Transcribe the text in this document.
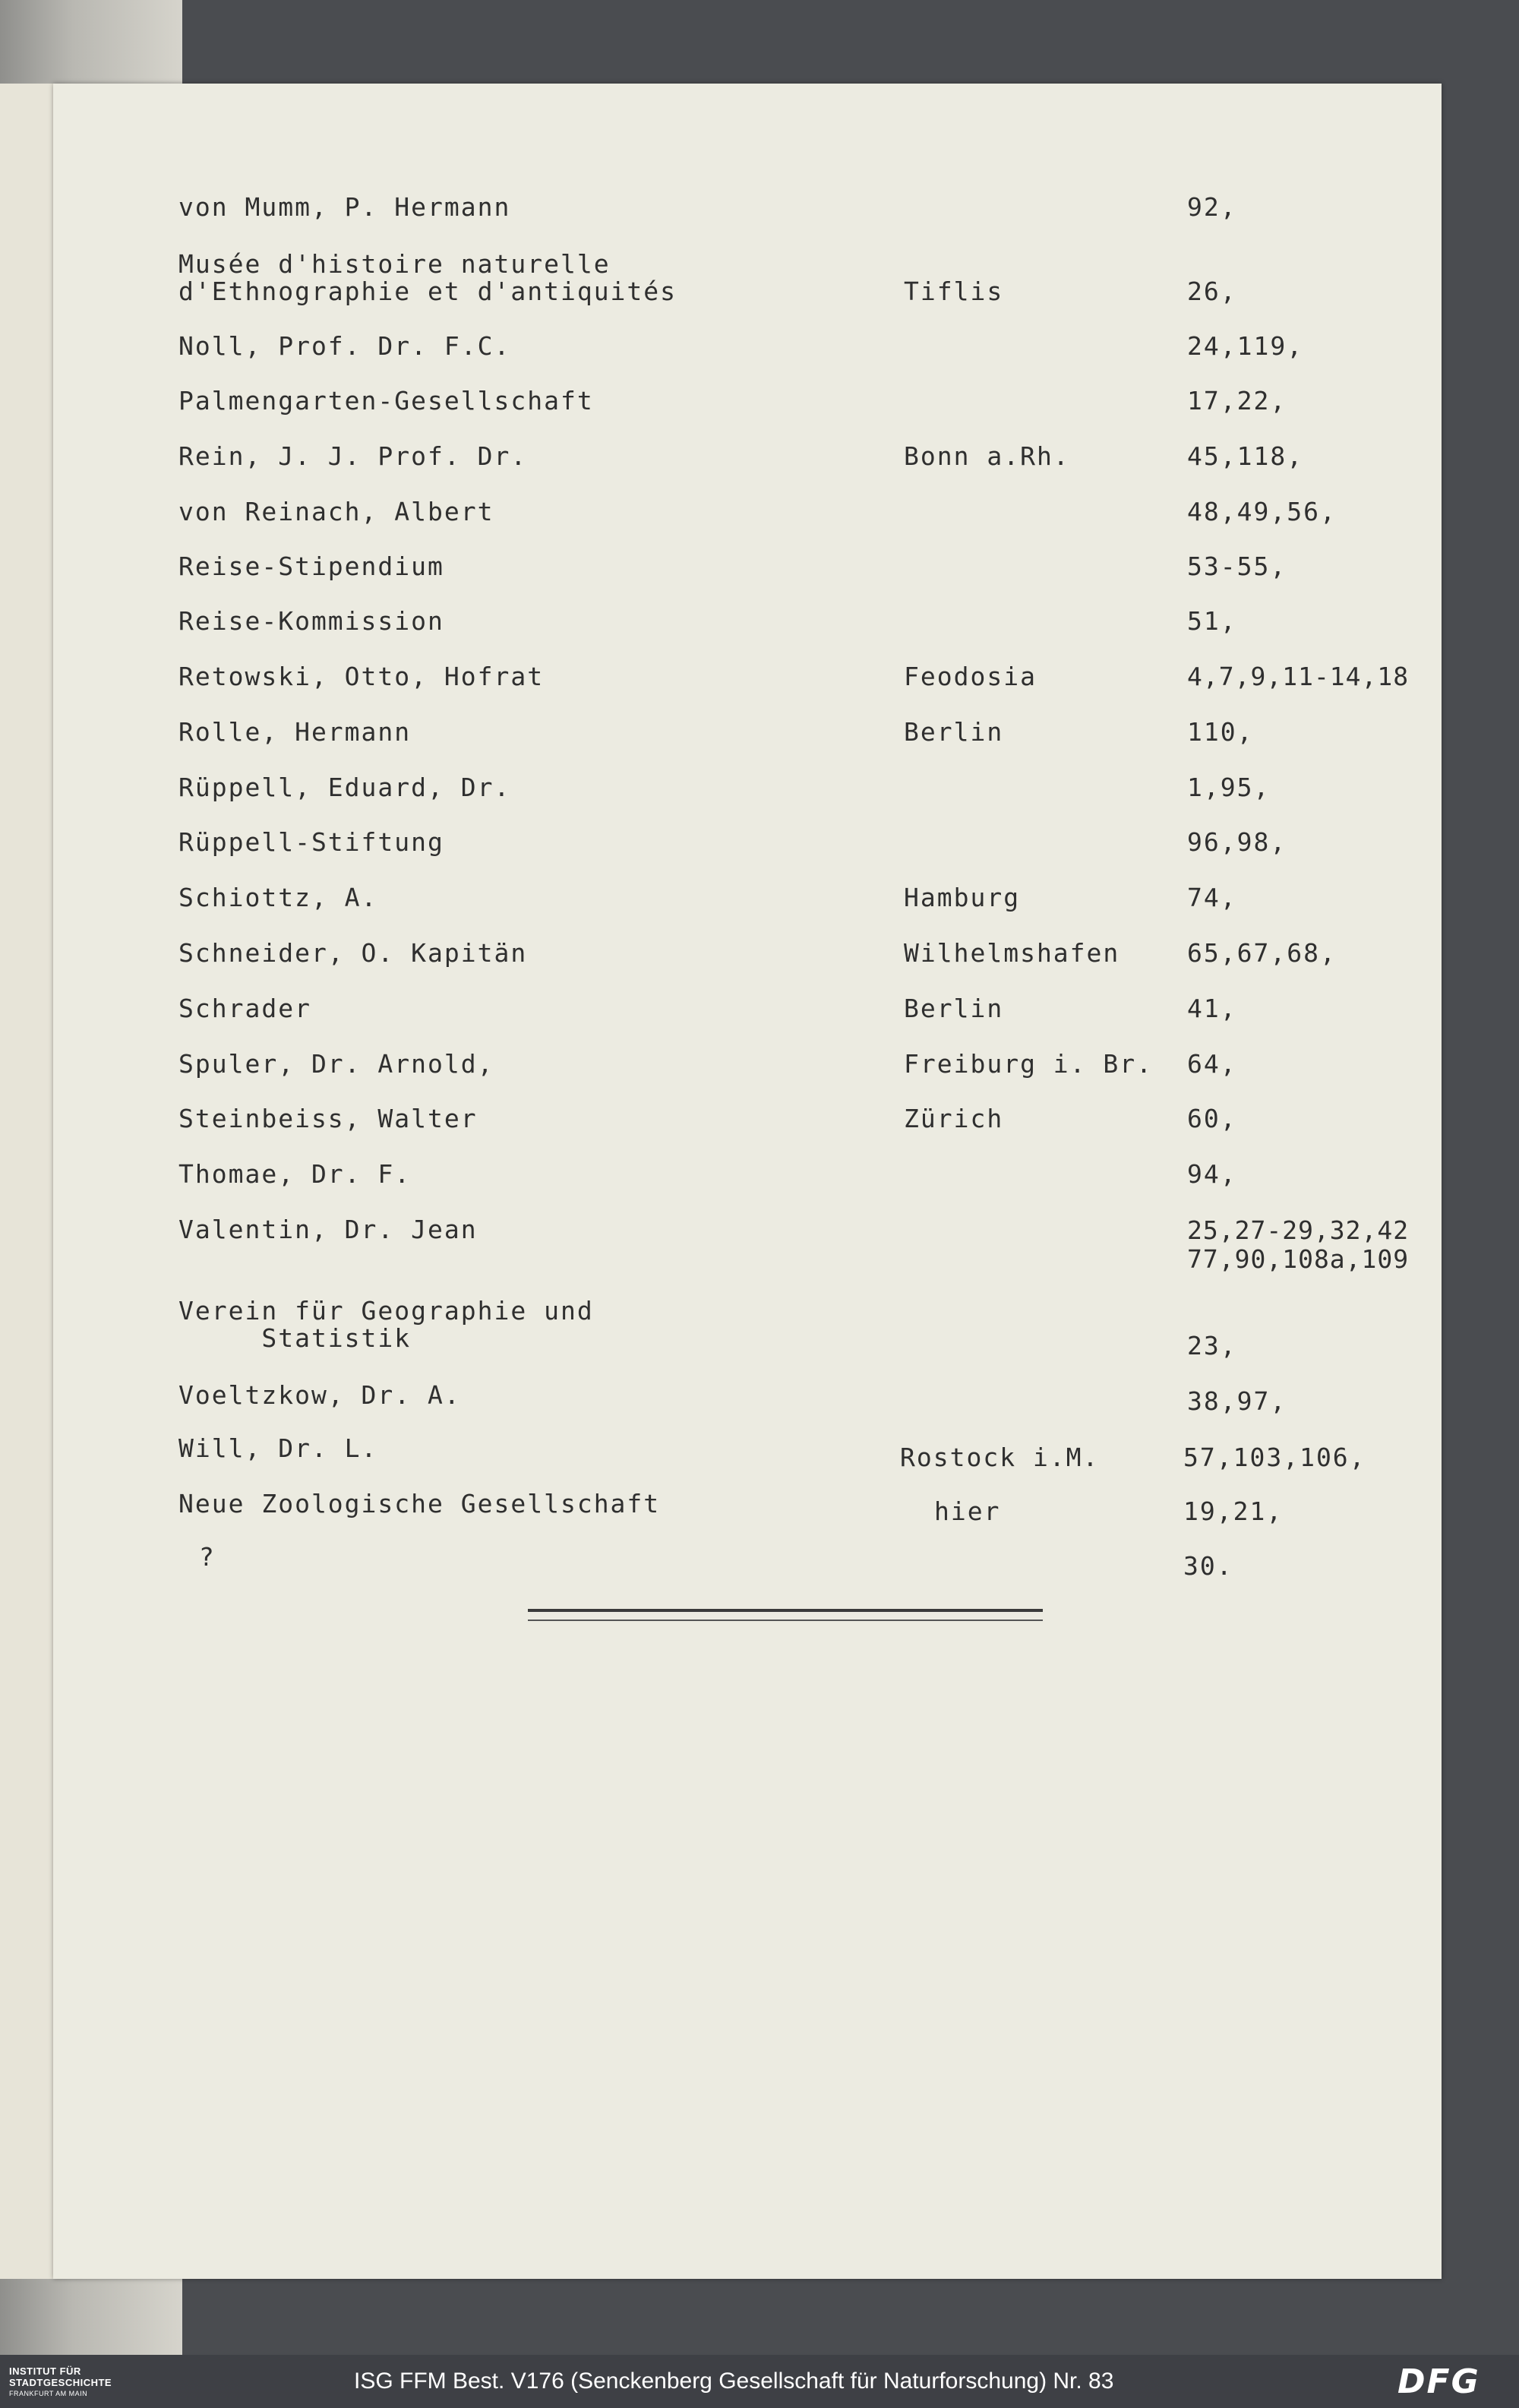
von Mumm, P. Hermann	92,
Musée d'histoire naturelle
d'Ethnographie et d'antiquités	Tiflis	26,
Noll, Prof. Dr. F.C.	24,119,
Palmengarten-Gesellschaft	17,22,
Rein, J. J. Prof. Dr.	Bonn a.Rh.	45,118,
von Reinach, Albert	48,49,56,
Reise-Stipendium	53-55,
Reise-Kommission	51,
Retowski, Otto, Hofrat	Feodosia	4,7,9,11-14,18
Rolle, Hermann	Berlin	110,
Rüppell, Eduard, Dr.	1,95,
Rüppell-Stiftung	96,98,
Schiottz, A.	Hamburg	74,
Schneider, O. Kapitän	Wilhelmshafen	65,67,68,
Schrader	Berlin	41,
Spuler, Dr. Arnold,	Freiburg i. Br. 64,
Steinbeiss, Walter	Zürich	60,
Thomae, Dr. F.	94,
Valentin, Dr. Jean	25,27-29,32,42
77,90,108a,109
Verein für Geographie und
Statistik	23,
Voeltzkow, Dr. A.	38,97,
Will, Dr. L.	Rostock i.M.	57,103,106,
Neue Zoologische Gesellschaft	hier	19,21,
?	30.
INSTITUT FÜR
STADTGESCHICHTE
FRANKFURT AM MAIN	ISG FFM Best. V176 (Senckenberg Gesellschaft für Naturforschung) Nr. 83	DFG
